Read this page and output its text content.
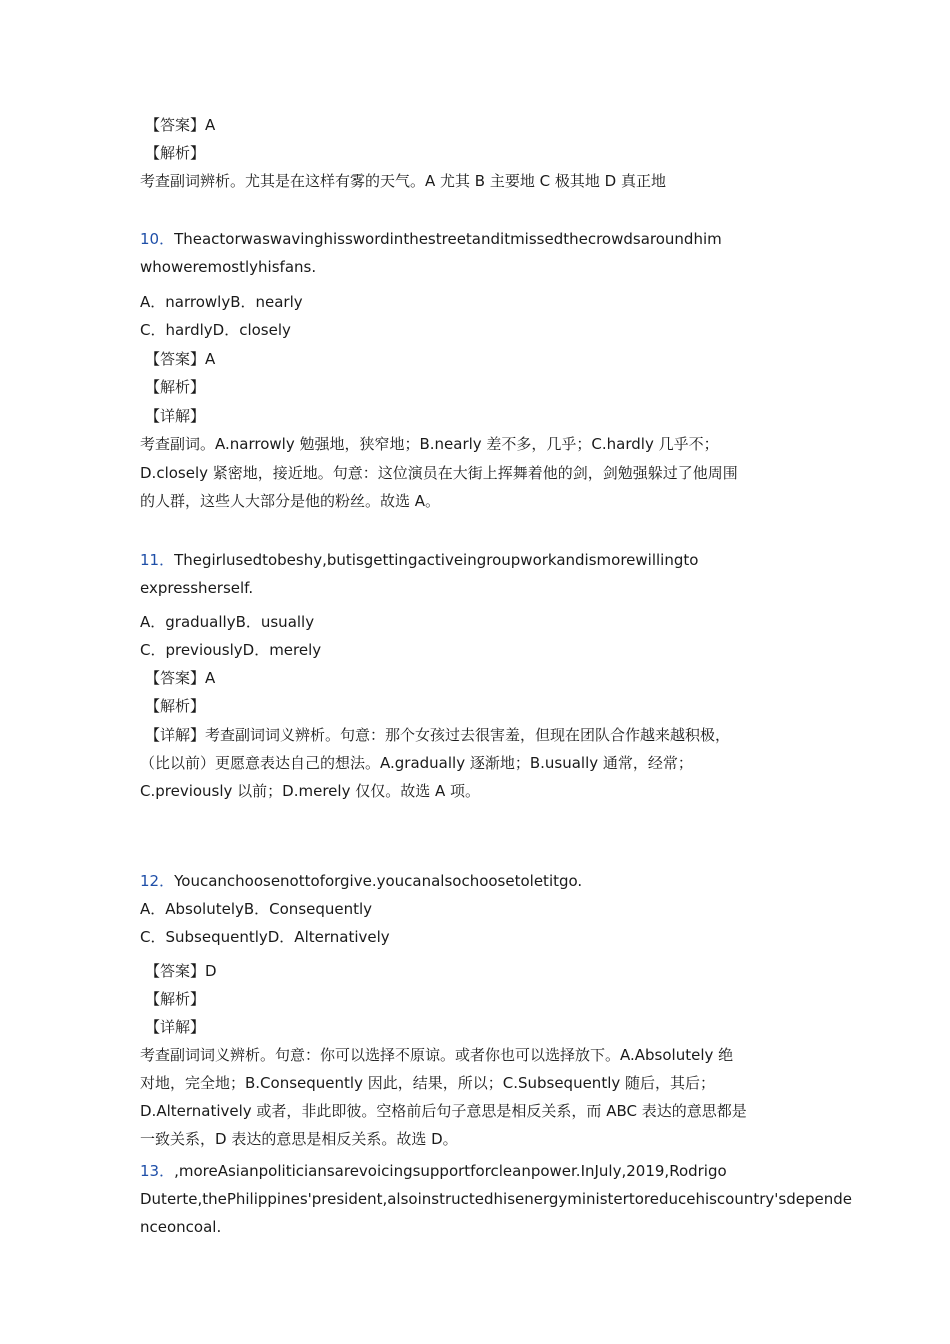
【答案】A
【解析】
考查副词辨析。尤其是在这样有雾的天气。A 尤其 B 主要地 C 极其地 D 真正地
10．Theactorwaswavinghisswordinthestreetanditmissedthecrowdsaroundhim
whoweremostlyhisfans.
A．narrowlyB．nearly
C．hardlyD．closely
【答案】A
【解析】
【详解】
考查副词。A.narrowly 勉强地，狭窄地；B.nearly 差不多，几乎；C.hardly 几乎不；
D.closely 紧密地，接近地。句意：这位演员在大街上挥舞着他的剑，剑勉强躲过了他周围
的人群，这些人大部分是他的粉丝。故选 A。
11．Thegirlusedtobeshy,butisgettingactiveingroupworkandismorewillingto
expressherself.
A．graduallyB．usually
C．previouslyD．merely
【答案】A
【解析】
【详解】考查副词词义辨析。句意：那个女孩过去很害羞，但现在团队合作越来越积极，
（比以前）更愿意表达自己的想法。A.gradually 逐渐地；B.usually 通常，经常；
C.previously 以前；D.merely 仅仅。故选 A 项。
12．Youcanchoosenottoforgive.youcanalsochoosetoletitgo.
A．AbsolutelyB．Consequently
C．SubsequentlyD．Alternatively
【答案】D
【解析】
【详解】
考查副词词义辨析。句意：你可以选择不原谅。或者你也可以选择放下。A.Absolutely 绝
对地，完全地；B.Consequently 因此，结果，所以；C.Subsequently 随后，其后；
D.Alternatively 或者，非此即彼。空格前后句子意思是相反关系，而 ABC 表达的意思都是
一致关系，D 表达的意思是相反关系。故选 D。
13．,moreAsianpoliticiansarevoicingsupportforcleanpower.InJuly,2019,Rodrigo
Duterte,thePhilippines'president,alsoinstructedhisenergyministertoreducehiscountry'sdepende
nceoncoal.
